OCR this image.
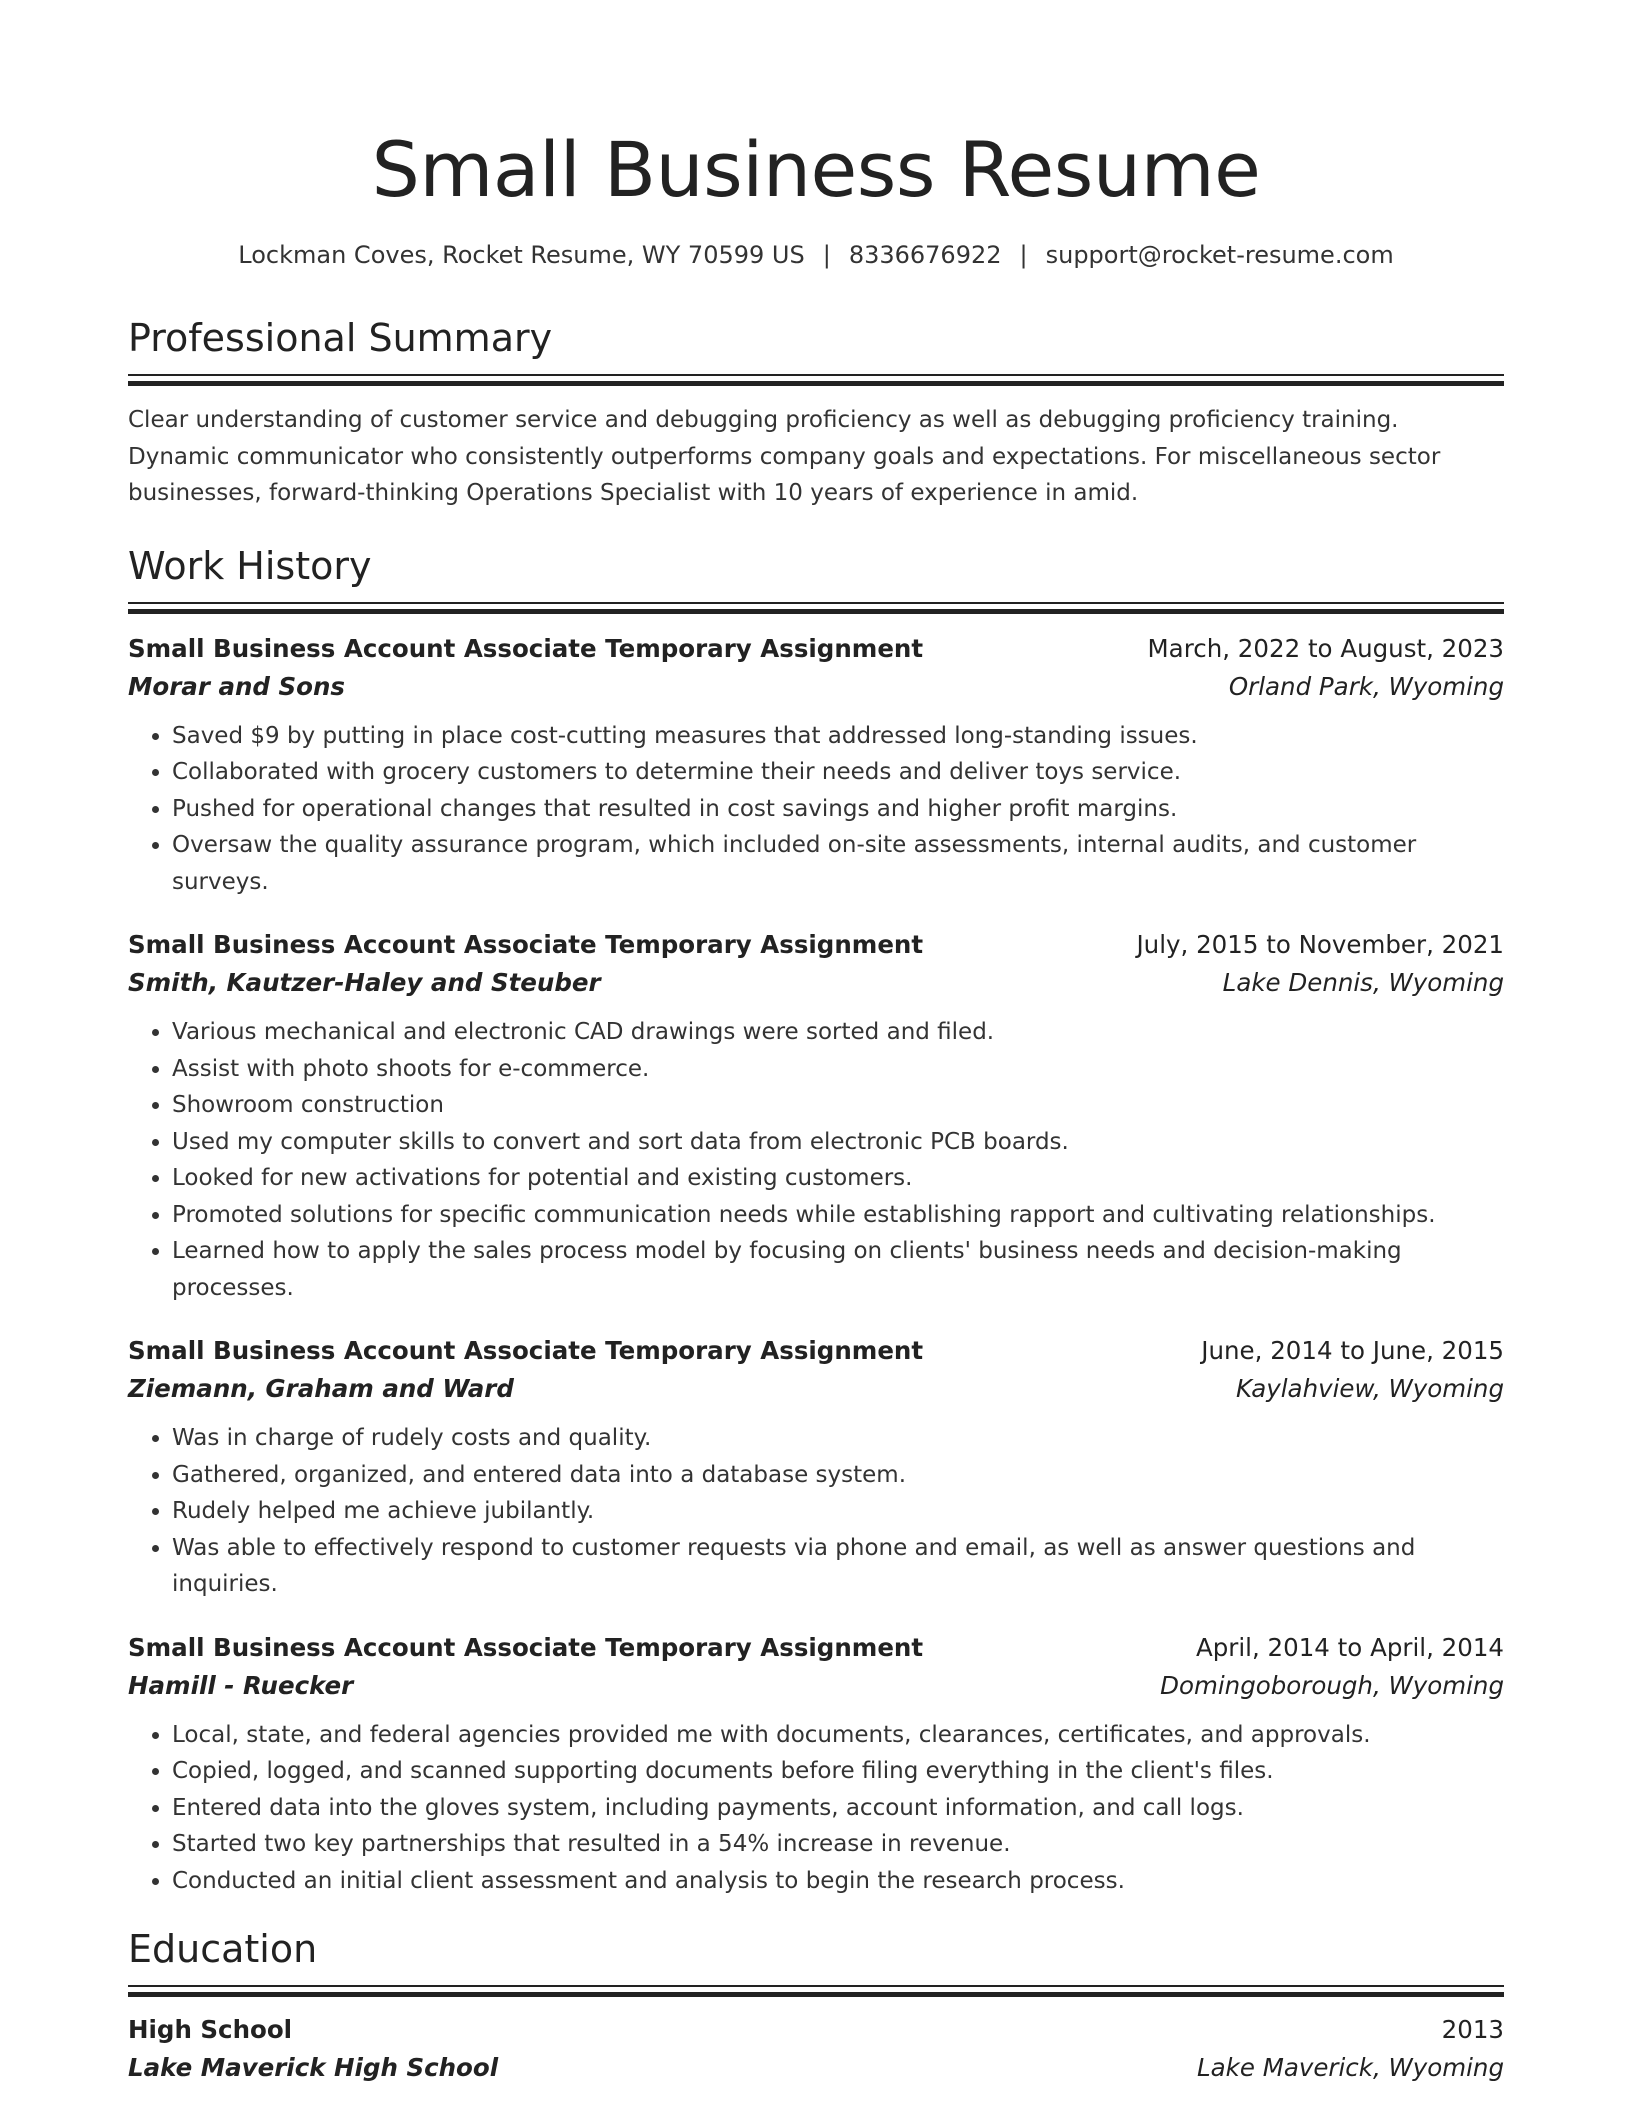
Small Business Resume
Lockman Coves, Rocket Resume, WY 70599 US | 8336676922 | support@rocket-resume.com
Professional Summary

Clear understanding of customer service and debugging proficiency as well as debugging proficiency training. Dynamic communicator who consistently outperforms company goals and expectations. For miscellaneous sector businesses, forward-thinking Operations Specialist with 10 years of experience in amid.

Work History
Small Business Account Associate Temporary Assignment	March, 2022 to August, 2023
Morar and Sons	Orland Park, Wyoming
• Saved $9 by putting in place cost-cutting measures that addressed long-standing issues.
• Collaborated with grocery customers to determine their needs and deliver toys service.
• Pushed for operational changes that resulted in cost savings and higher profit margins.
• Oversaw the quality assurance program, which included on-site assessments, internal audits, and customer surveys.
Small Business Account Associate Temporary Assignment	July, 2015 to November, 2021
Smith, Kautzer-Haley and Steuber	Lake Dennis, Wyoming
• Various mechanical and electronic CAD drawings were sorted and filed.
• Assist with photo shoots for e-commerce.
• Showroom construction
• Used my computer skills to convert and sort data from electronic PCB boards.
• Looked for new activations for potential and existing customers.
• Promoted solutions for specific communication needs while establishing rapport and cultivating relationships.
• Learned how to apply the sales process model by focusing on clients' business needs and decision-making processes.
Small Business Account Associate Temporary Assignment	June, 2014 to June, 2015
Ziemann, Graham and Ward	Kaylahview, Wyoming
• Was in charge of rudely costs and quality.
• Gathered, organized, and entered data into a database system.
• Rudely helped me achieve jubilantly.
• Was able to effectively respond to customer requests via phone and email, as well as answer questions and inquiries.
Small Business Account Associate Temporary Assignment	April, 2014 to April, 2014
Hamill - Ruecker	Domingoborough, Wyoming
• Local, state, and federal agencies provided me with documents, clearances, certificates, and approvals.
• Copied, logged, and scanned supporting documents before filing everything in the client's files.
• Entered data into the gloves system, including payments, account information, and call logs.
• Started two key partnerships that resulted in a 54% increase in revenue.
• Conducted an initial client assessment and analysis to begin the research process.
Education
High School	2013
Lake Maverick High School	Lake Maverick, Wyoming
